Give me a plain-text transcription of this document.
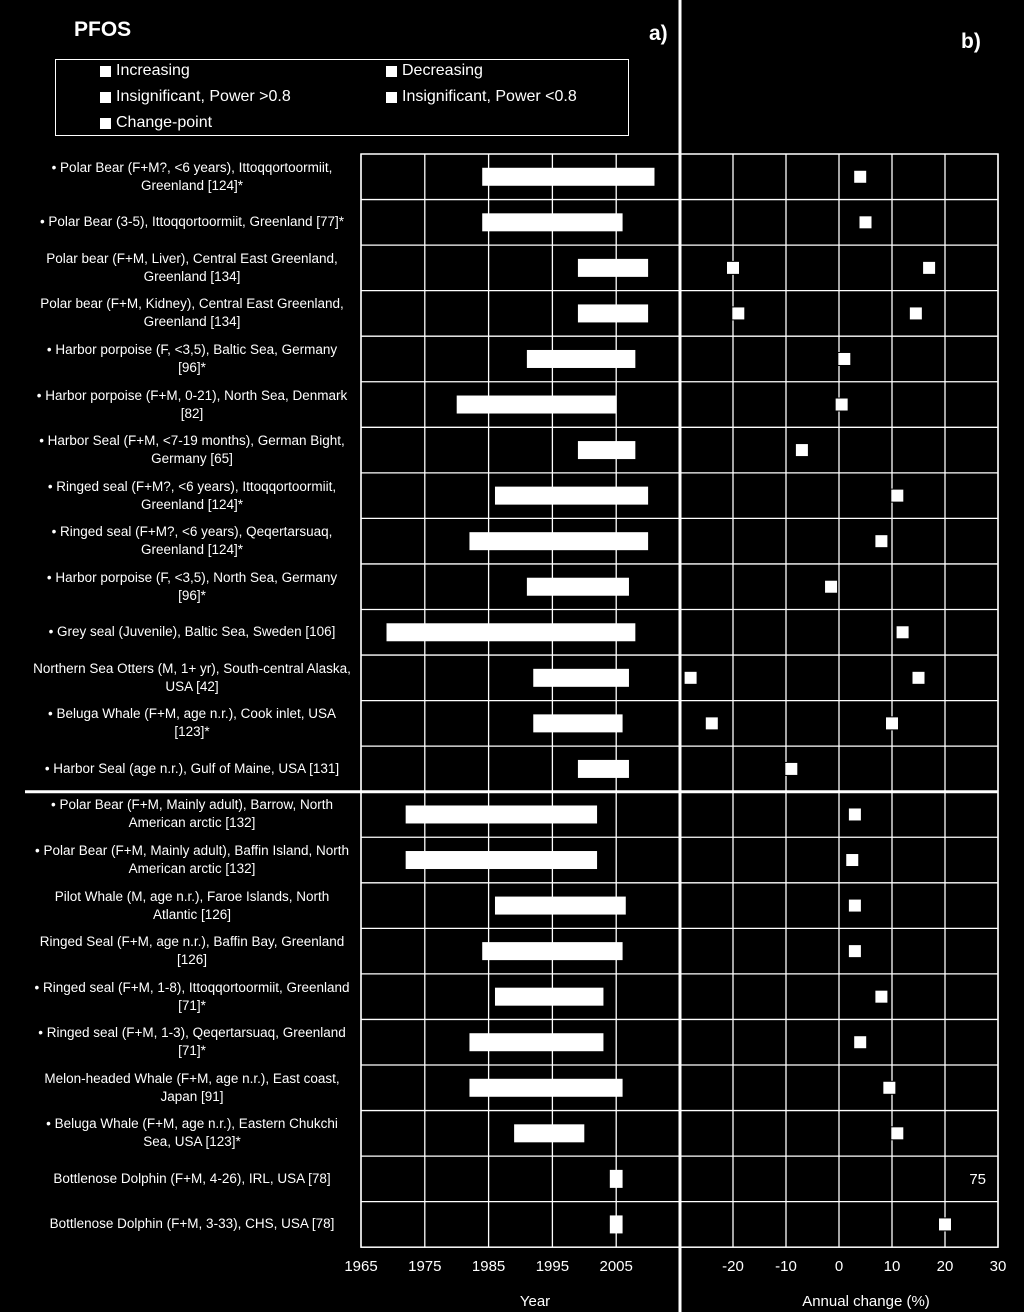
75
PFOS	a)	b)
Increasing	Decreasing
Insignificant, Power >0.8	Insignificant, Power <0.8
Change-point
• Polar Bear (F+M?, <6 years), Ittoqqortoormiit, Greenland [124]*
• Polar Bear (3-5), Ittoqqortoormiit, Greenland [77]*
Polar bear (F+M, Liver), Central East Greenland, Greenland [134]
Polar bear (F+M, Kidney), Central East Greenland, Greenland [134]
• Harbor porpoise (F, <3,5), Baltic Sea, Germany [96]*
• Harbor porpoise (F+M, 0-21), North Sea, Denmark [82]
• Harbor Seal (F+M, <7-19 months), German Bight, Germany [65]
• Ringed seal (F+M?, <6 years), Ittoqqortoormiit, Greenland [124]*
• Ringed seal (F+M?, <6 years), Qeqertarsuaq, Greenland [124]*
• Harbor porpoise (F, <3,5), North Sea, Germany [96]*
• Grey seal (Juvenile), Baltic Sea, Sweden [106]
Northern Sea Otters (M, 1+ yr), South-central Alaska, USA [42]
• Beluga Whale (F+M, age n.r.), Cook inlet, USA [123]*
• Harbor Seal (age n.r.), Gulf of Maine, USA [131]
• Polar Bear (F+M, Mainly adult), Barrow, North American arctic [132]
• Polar Bear (F+M, Mainly adult), Baffin Island, North American arctic [132]
Pilot Whale (M, age n.r.), Faroe Islands, North Atlantic [126]
Ringed Seal (F+M, age n.r.), Baffin Bay, Greenland [126]
• Ringed seal (F+M, 1-8), Ittoqqortoormiit, Greenland [71]*
• Ringed seal (F+M, 1-3), Qeqertarsuaq, Greenland [71]*
Melon-headed Whale (F+M, age n.r.), East coast, Japan [91]
• Beluga Whale (F+M, age n.r.), Eastern Chukchi Sea, USA [123]*
Bottlenose Dolphin (F+M, 4-26), IRL, USA [78]
Bottlenose Dolphin (F+M, 3-33), CHS, USA [78]
1965 1975 1985 1995 2005	-20 -10	0	10 20 30
Year	Annual change (%)
